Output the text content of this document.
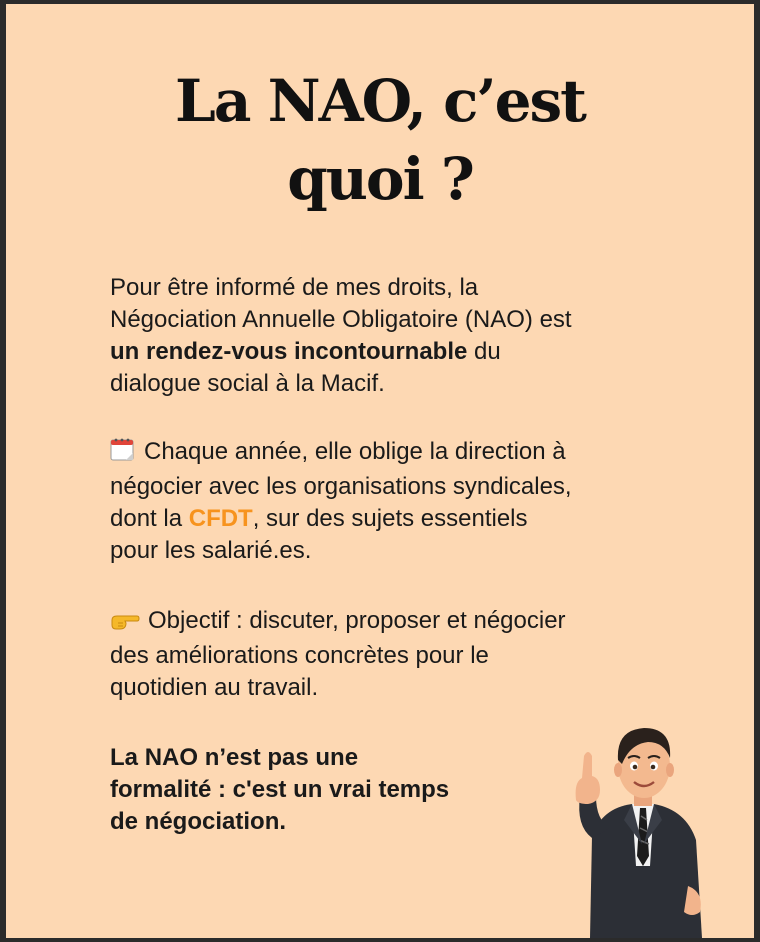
La NAO, c’est
quoi ?
Pour être informé de mes droits, la
Négociation Annuelle Obligatoire (NAO) est
un rendez-vous incontournable du
dialogue social à la Macif.
Chaque année, elle oblige la direction à
négocier avec les organisations syndicales,
dont la CFDT, sur des sujets essentiels
pour les salarié.es.
Objectif : discuter, proposer et négocier
des améliorations concrètes pour le
quotidien au travail.
La NAO n’est pas une
formalité : c'est un vrai temps
de négociation.
